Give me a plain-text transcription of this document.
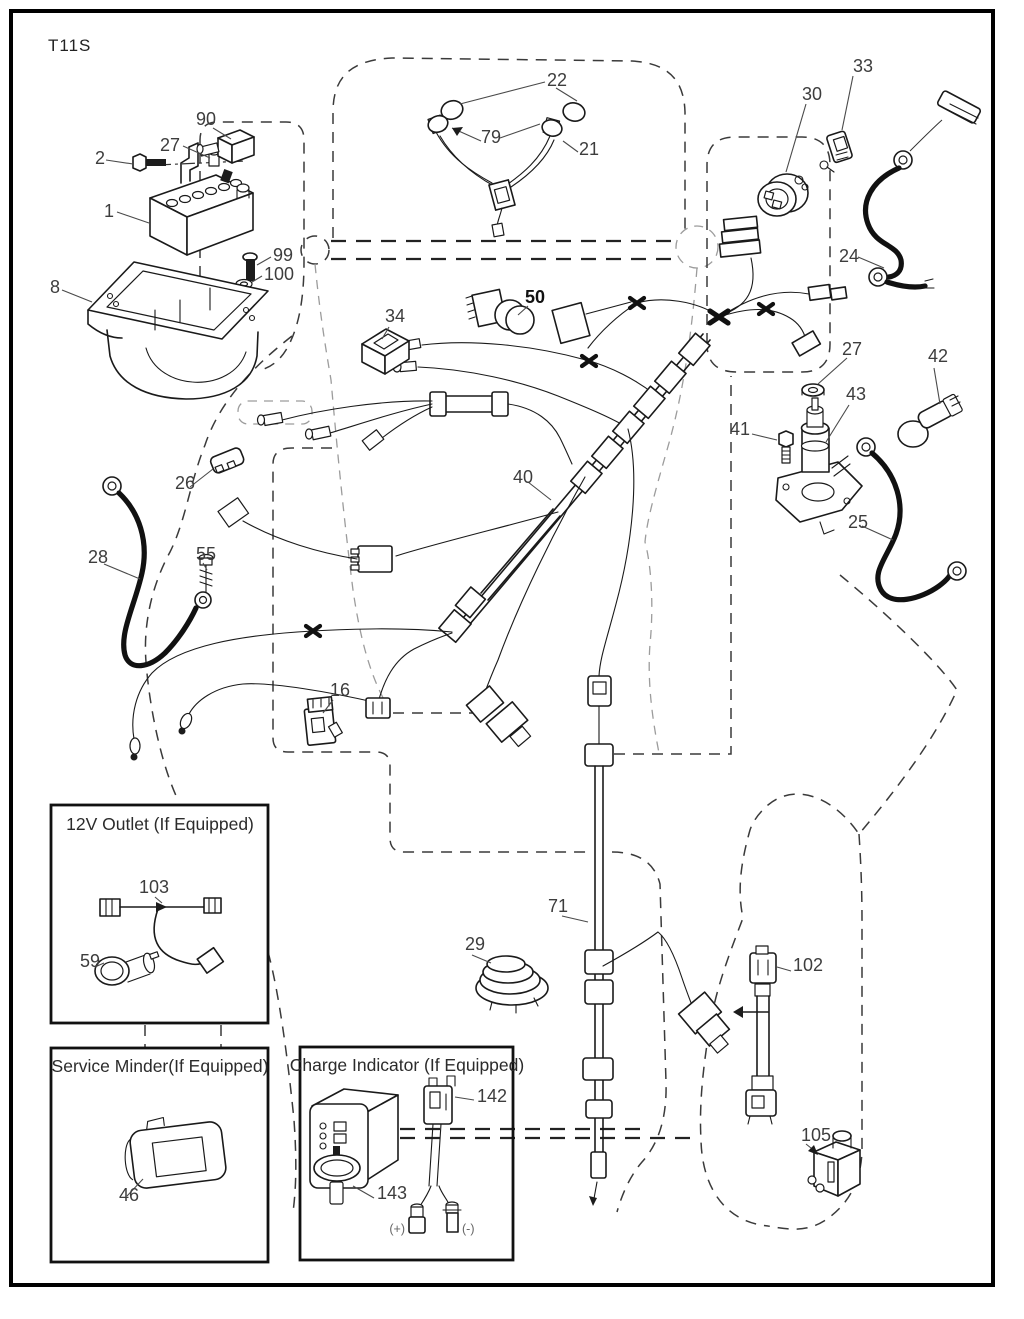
12V Outlet (If Equipped)
Service Minder(If Equipped) Charge Indicator (If Equipped)
(+)	(-)
T11S
90
27
2
1
99
100
8
22
79
21
30
33
24
27	42
43
41
25
34
50
26	40
28	55
16
103
59
29
71
102
105
46	143
142
